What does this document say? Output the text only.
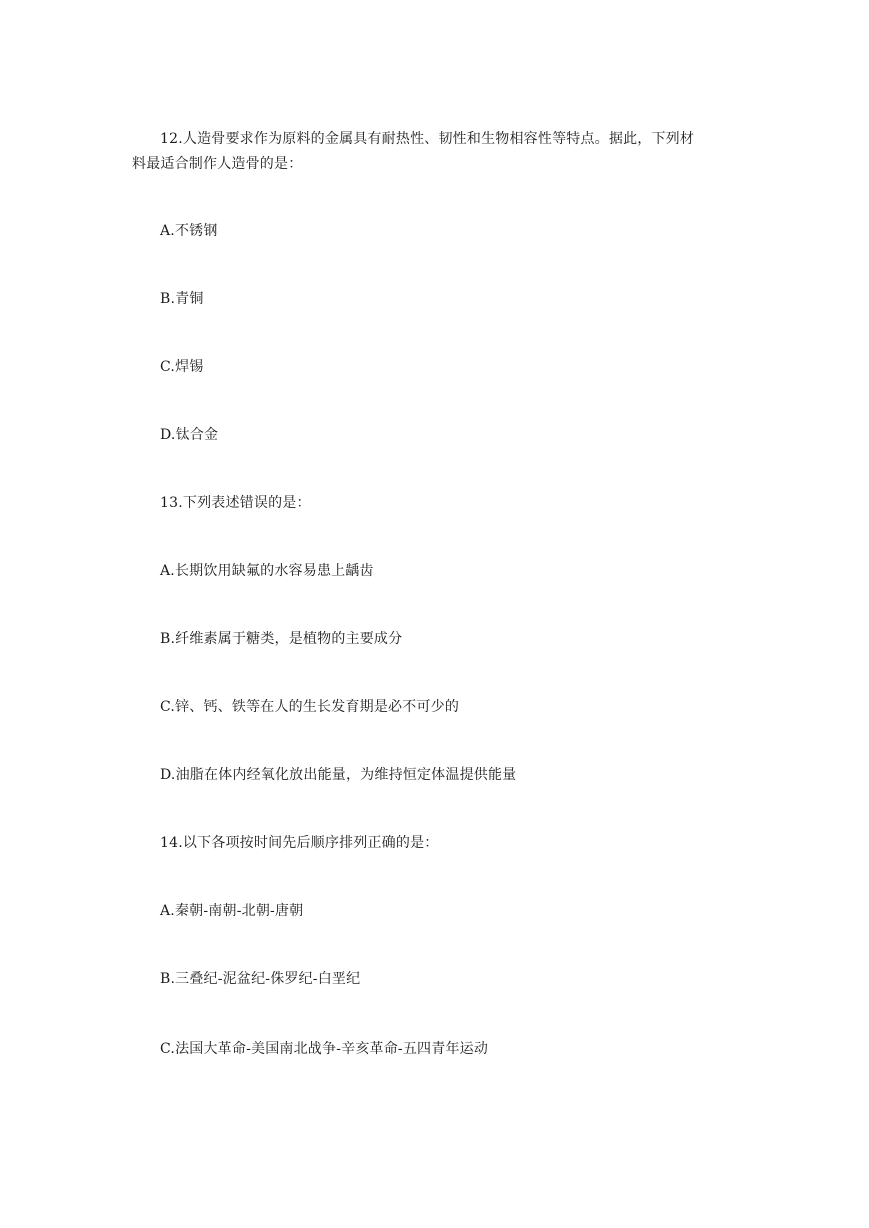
12.人造骨要求作为原料的金属具有耐热性、韧性和生物相容性等特点。据此，下列材
料最适合制作人造骨的是：
A.不锈钢
B.青铜
C.焊锡
D.钛合金
13.下列表述错误的是：
A.长期饮用缺氟的水容易患上龋齿
B.纤维素属于糖类，是植物的主要成分
C.锌、钙、铁等在人的生长发育期是必不可少的
D.油脂在体内经氧化放出能量，为维持恒定体温提供能量
14.以下各项按时间先后顺序排列正确的是：
A.秦朝-南朝-北朝-唐朝
B.三叠纪-泥盆纪-侏罗纪-白垩纪
C.法国大革命-美国南北战争-辛亥革命-五四青年运动
